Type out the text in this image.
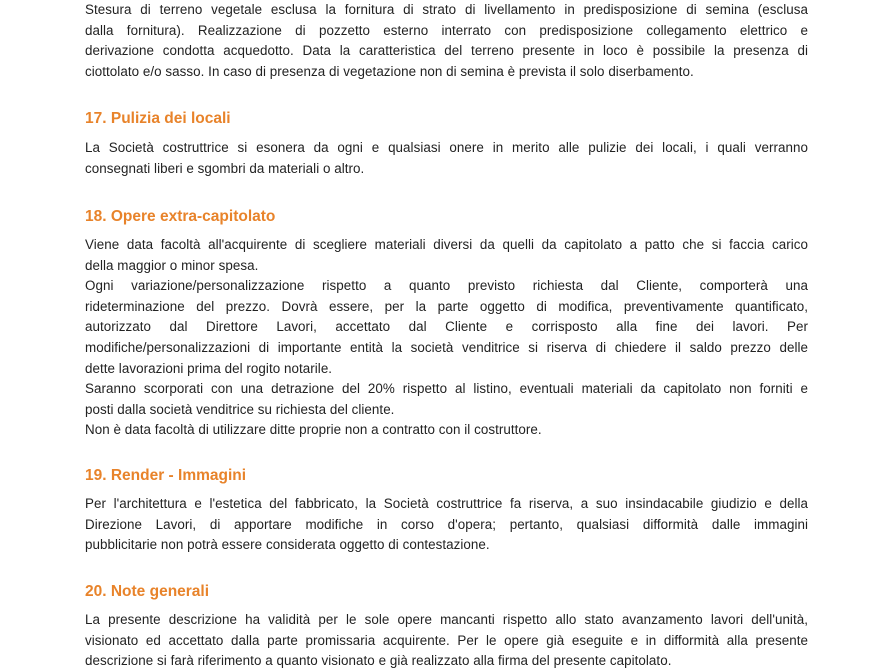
Stesura di terreno vegetale esclusa la fornitura di strato di livellamento in predisposizione di semina (esclusa
dalla fornitura). Realizzazione di pozzetto esterno interrato con predisposizione collegamento elettrico e
derivazione condotta acquedotto. Data la caratteristica del terreno presente in loco è possibile la presenza di
ciottolato e/o sasso. In caso di presenza di vegetazione non di semina è prevista il solo diserbamento.
17. Pulizia dei locali
La Società costruttrice si esonera da ogni e qualsiasi onere in merito alle pulizie dei locali, i quali verranno
consegnati liberi e sgombri da materiali o altro.
18. Opere extra-capitolato
Viene data facoltà all'acquirente di scegliere materiali diversi da quelli da capitolato a patto che si faccia carico
della maggior o minor spesa.
Ogni variazione/personalizzazione rispetto a quanto previsto richiesta dal Cliente, comporterà una
rideterminazione del prezzo. Dovrà essere, per la parte oggetto di modifica, preventivamente quantificato,
autorizzato dal Direttore Lavori, accettato dal Cliente e corrisposto alla fine dei lavori. Per
modifiche/personalizzazioni di importante entità la società venditrice si riserva di chiedere il saldo prezzo delle
dette lavorazioni prima del rogito notarile.
Saranno scorporati con una detrazione del 20% rispetto al listino, eventuali materiali da capitolato non forniti e
posti dalla società venditrice su richiesta del cliente.
Non è data facoltà di utilizzare ditte proprie non a contratto con il costruttore.
19. Render - Immagini
Per l'architettura e l'estetica del fabbricato, la Società costruttrice fa riserva, a suo insindacabile giudizio e della
Direzione Lavori, di apportare modifiche in corso d'opera; pertanto, qualsiasi difformità dalle immagini
pubblicitarie non potrà essere considerata oggetto di contestazione.
20. Note generali
La presente descrizione ha validità per le sole opere mancanti rispetto allo stato avanzamento lavori dell'unità,
visionato ed accettato dalla parte promissaria acquirente. Per le opere già eseguite e in difformità alla presente
descrizione si farà riferimento a quanto visionato e già realizzato alla firma del presente capitolato.
